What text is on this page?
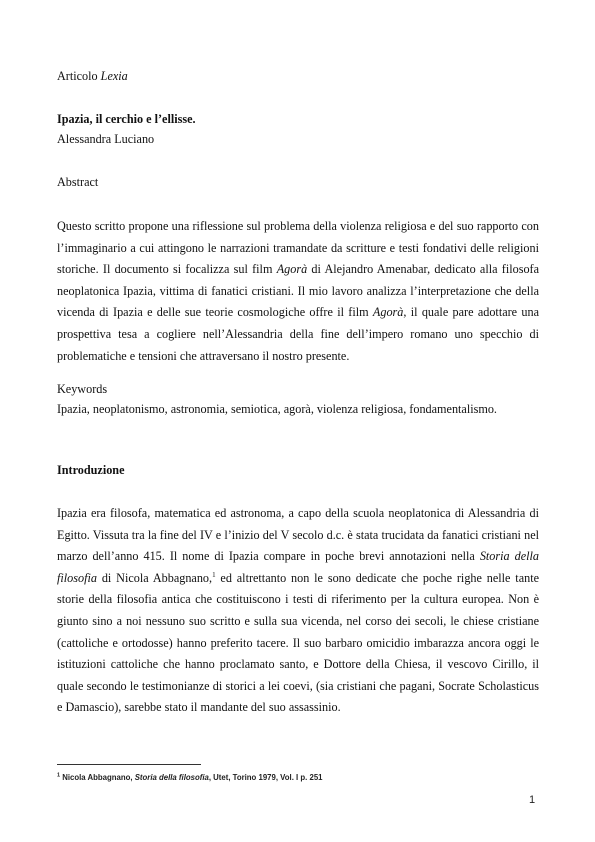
Articolo Lexia

Ipazia, il cerchio e l’ellisse.

Alessandra Luciano

Abstract

Questo scritto propone una riflessione sul problema della violenza religiosa e del suo rapporto con l’immaginario a cui attingono le narrazioni tramandate da scritture e testi fondativi delle religioni storiche. Il documento si focalizza sul film Agorà di Alejandro Amenabar, dedicato alla filosofa neoplatonica Ipazia, vittima di fanatici cristiani. Il mio lavoro analizza l’interpretazione che della vicenda di Ipazia e delle sue teorie cosmologiche offre il film Agorà, il quale pare adottare una prospettiva tesa a cogliere nell’Alessandria della fine dell’impero romano uno specchio di problematiche e tensioni che attraversano il nostro presente.

Keywords

Ipazia, neoplatonismo, astronomia, semiotica, agorà, violenza religiosa, fondamentalismo.

Introduzione

Ipazia era filosofa, matematica ed astronoma, a capo della scuola neoplatonica di Alessandria di Egitto. Vissuta tra la fine del IV e l’inizio del V secolo d.c. è stata trucidata da fanatici cristiani nel marzo dell’anno 415. Il nome di Ipazia compare in poche brevi annotazioni nella Storia della filosofia di Nicola Abbagnano,$^1$ ed altrettanto non le sono dedicate che poche righe nelle tante storie della filosofia antica che costituiscono i testi di riferimento per la cultura europea. Non è giunto sino a noi nessuno suo scritto e sulla sua vicenda, nel corso dei secoli, le chiese cristiane (cattoliche e ortodosse) hanno preferito tacere. Il suo barbaro omicidio imbarazza ancora oggi le istituzioni cattoliche che hanno proclamato santo, e Dottore della Chiesa, il vescovo Cirillo, il quale secondo le testimonianze di storici a lei coevi, (sia cristiani che pagani, Socrate Scholasticus e Damascio), sarebbe stato il mandante del suo assassinio.

$^1$ Nicola Abbagnano, Storia della filosofia, Utet, Torino 1979, Vol. I p. 251

1
